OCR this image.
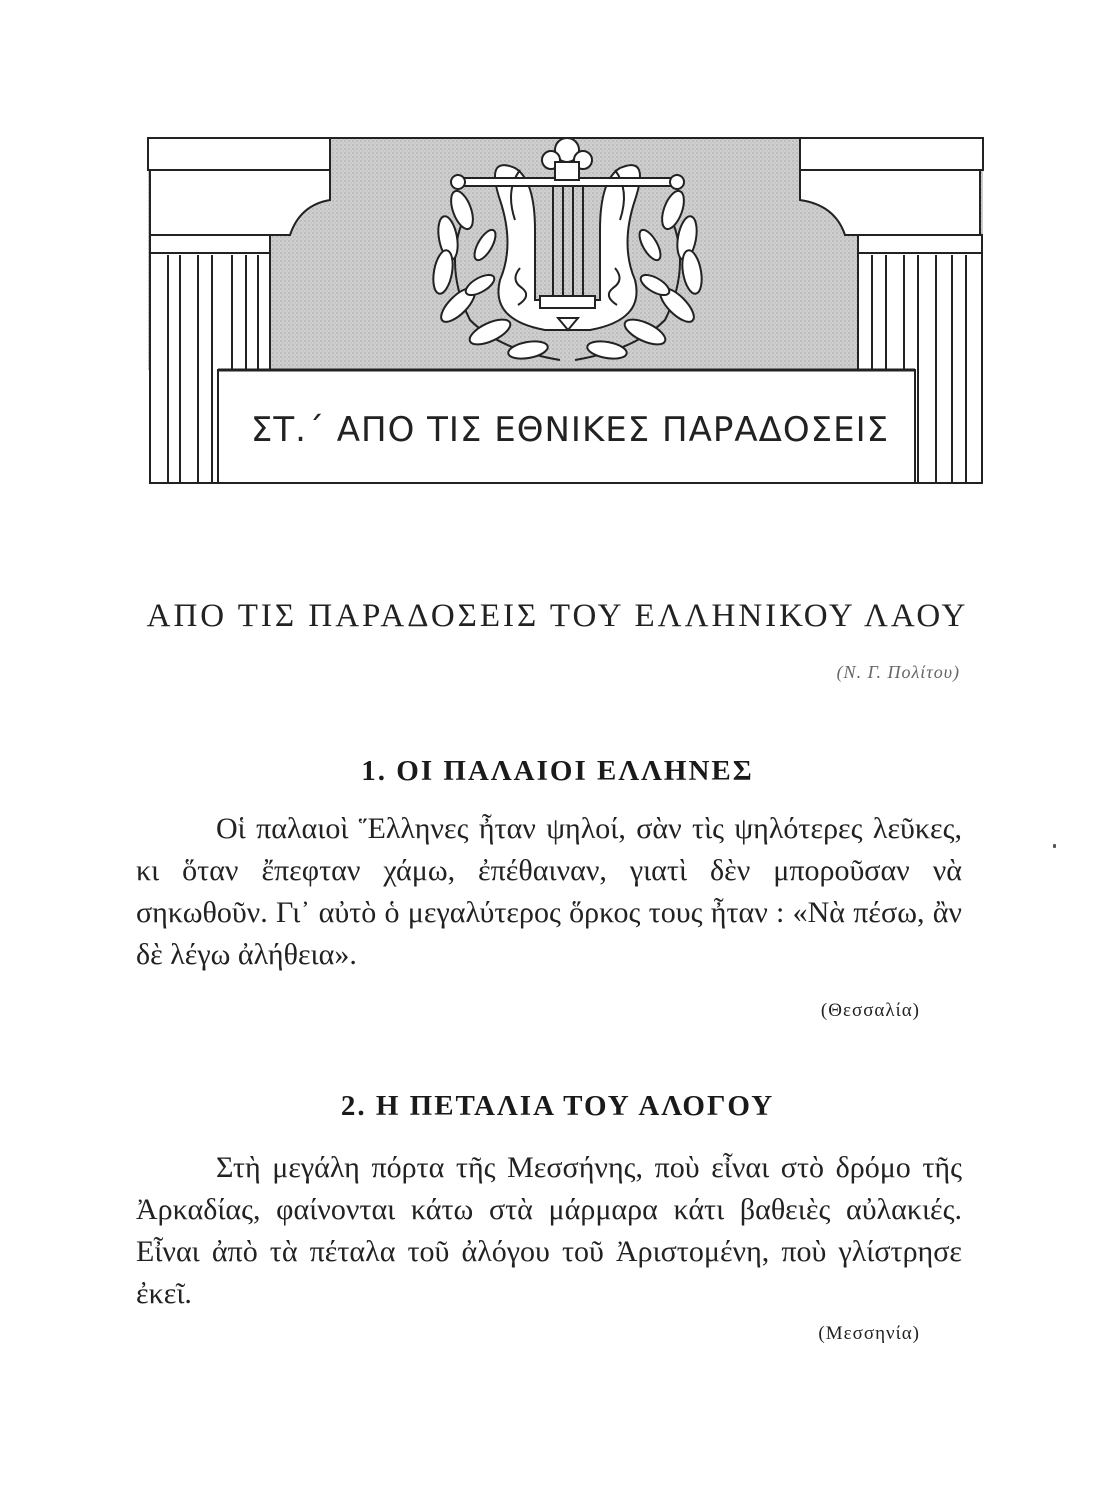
ΣΤ.΄ ΑΠΟ ΤΙΣ ΕΘΝΙΚΕΣ ΠΑΡΑΔΟΣΕΙΣ
ΑΠΟ ΤΙΣ ΠΑΡΑΔΟΣΕΙΣ ΤΟΥ ΕΛΛΗΝΙΚΟΥ ΛΑΟΥ
(Ν. Γ. Πολίτου)
1. ΟΙ ΠΑΛΑΙΟΙ ΕΛΛΗΝΕΣ
Οἱ παλαιοὶ Ἕλληνες ἦταν ψηλοί, σὰν τὶς ψηλότερες λεῦκες, κι ὅταν ἔπεφταν χάμω, ἐπέθαιναν, γιατὶ δὲν μποροῦσαν νὰ σηκωθοῦν. Γι᾽ αὐτὸ ὁ μεγαλύτερος ὅρκος τους ἦταν : «Νὰ πέσω, ἂν δὲ λέγω ἀλήθεια».
(Θεσσαλία)
2. Η ΠΕΤΑΛΙΑ ΤΟΥ ΑΛΟΓΟΥ
Στὴ μεγάλη πόρτα τῆς Μεσσήνης, ποὺ εἶναι στὸ δρόμο τῆς Ἀρκαδίας, φαίνονται κάτω στὰ μάρμαρα κάτι βαθειὲς αὐλακιές. Εἶναι ἀπὸ τὰ πέταλα τοῦ ἀλόγου τοῦ Ἀριστομένη, ποὺ γλίστρησε ἐκεῖ.
(Μεσσηνία)
